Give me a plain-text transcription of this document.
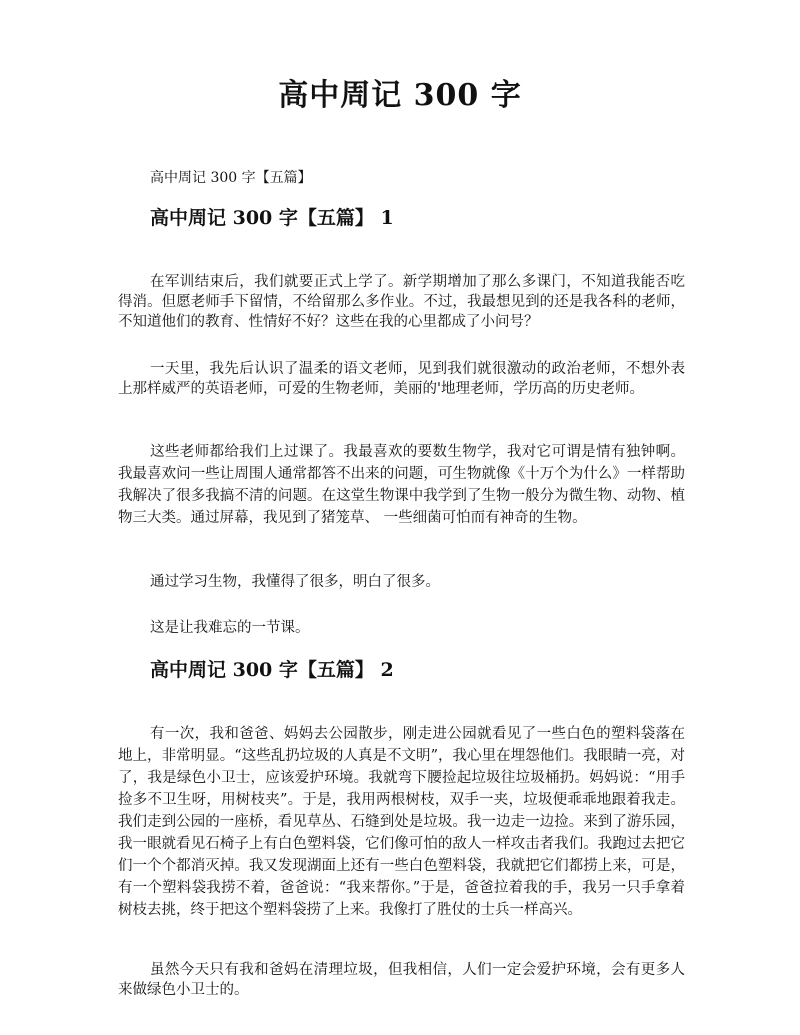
高中周记 300 字

高中周记 300 字【五篇】

高中周记 300 字【五篇】 1

在军训结束后，我们就要正式上学了。新学期增加了那么多课门，不知道我能否吃得消。但愿老师手下留情，不给留那么多作业。不过，我最想见到的还是我各科的老师，不知道他们的教育、性情好不好？这些在我的心里都成了小问号？

一天里，我先后认识了温柔的语文老师，见到我们就很激动的政治老师，不想外表上那样威严的英语老师，可爱的生物老师，美丽的'地理老师，学历高的历史老师。

这些老师都给我们上过课了。我最喜欢的要数生物学，我对它可谓是情有独钟啊。我最喜欢问一些让周围人通常都答不出来的问题，可生物就像《十万个为什么》一样帮助我解决了很多我搞不清的问题。在这堂生物课中我学到了生物一般分为微生物、动物、植物三大类。通过屏幕，我见到了猪笼草、 一些细菌可怕而有神奇的生物。

通过学习生物，我懂得了很多，明白了很多。

这是让我难忘的一节课。

高中周记 300 字【五篇】 2

有一次，我和爸爸、妈妈去公园散步，刚走进公园就看见了一些白色的塑料袋落在地上，非常明显。“这些乱扔垃圾的人真是不文明”，我心里在埋怨他们。我眼睛一亮，对了，我是绿色小卫士，应该爱护环境。我就弯下腰捡起垃圾往垃圾桶扔。妈妈说：“用手捡多不卫生呀，用树枝夹”。于是，我用两根树枝，双手一夹，垃圾便乖乖地跟着我走。我们走到公园的一座桥，看见草丛、石缝到处是垃圾。我一边走一边捡。来到了游乐园，我一眼就看见石椅子上有白色塑料袋，它们像可怕的敌人一样攻击者我们。我跑过去把它们一个个都消灭掉。我又发现湖面上还有一些白色塑料袋，我就把它们都捞上来，可是，有一个塑料袋我捞不着，爸爸说：“我来帮你。”于是，爸爸拉着我的手，我另一只手拿着树枝去挑，终于把这个塑料袋捞了上来。我像打了胜仗的士兵一样高兴。

虽然今天只有我和爸妈在清理垃圾，但我相信，人们一定会爱护环境，会有更多人来做绿色小卫士的。
